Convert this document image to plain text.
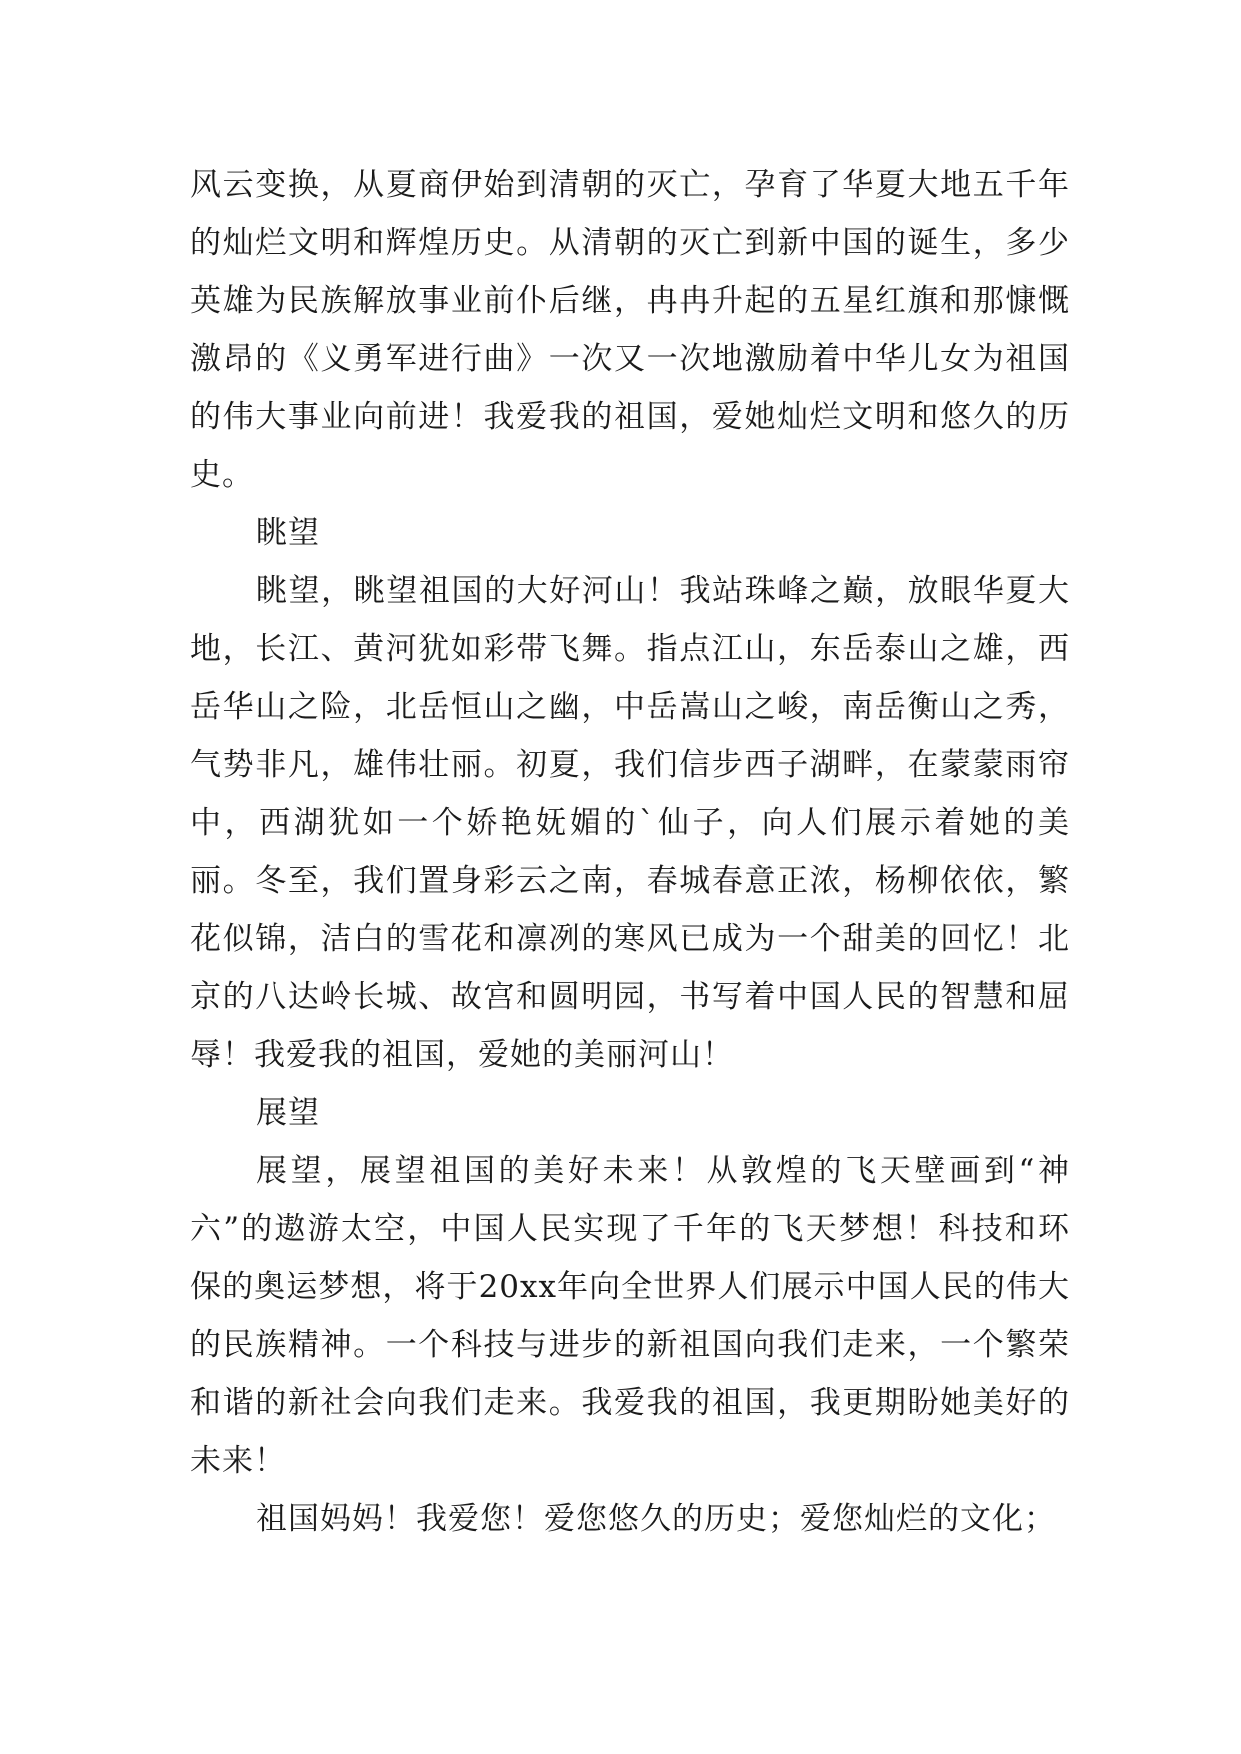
风云变换，从夏商伊始到清朝的灭亡，孕育了华夏大地五千年的灿烂文明和辉煌历史。从清朝的灭亡到新中国的诞生，多少英雄为民族解放事业前仆后继，冉冉升起的五星红旗和那慷慨激昂的《义勇军进行曲》一次又一次地激励着中华儿女为祖国的伟大事业向前进！我爱我的祖国，爱她灿烂文明和悠久的历史。

眺望

眺望，眺望祖国的大好河山！我站珠峰之巅，放眼华夏大地，长江、黄河犹如彩带飞舞。指点江山，东岳泰山之雄，西岳华山之险，北岳恒山之幽，中岳嵩山之峻，南岳衡山之秀，气势非凡，雄伟壮丽。初夏，我们信步西子湖畔，在蒙蒙雨帘中，西湖犹如一个娇艳妩媚的`仙子，向人们展示着她的美丽。冬至，我们置身彩云之南，春城春意正浓，杨柳依依，繁花似锦，洁白的雪花和凛冽的寒风已成为一个甜美的回忆！北京的八达岭长城、故宫和圆明园，书写着中国人民的智慧和屈辱！我爱我的祖国，爱她的美丽河山！

展望

展望，展望祖国的美好未来！从敦煌的飞天壁画到“神六”的遨游太空，中国人民实现了千年的飞天梦想！科技和环保的奥运梦想，将于20xx年向全世界人们展示中国人民的伟大的民族精神。一个科技与进步的新祖国向我们走来，一个繁荣和谐的新社会向我们走来。我爱我的祖国，我更期盼她美好的未来！

祖国妈妈！我爱您！爱您悠久的历史；爱您灿烂的文化；
